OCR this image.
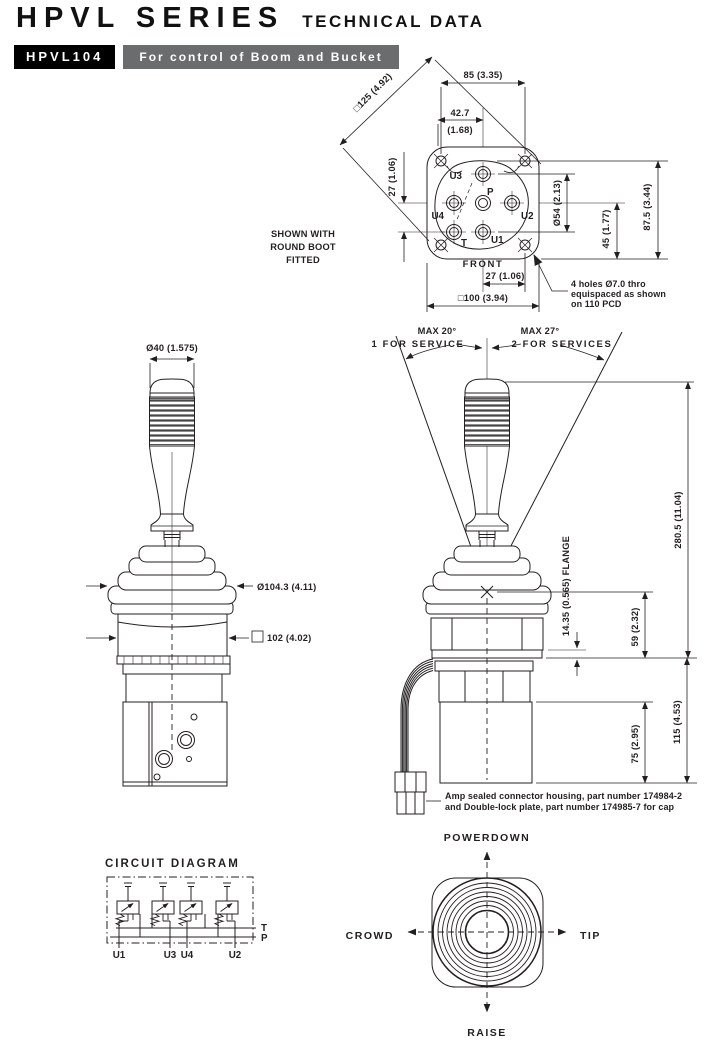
HPVL SERIES TECHNICAL DATA
HPVL104	For control of Boom and Bucket
U3
P
U4	U2
T U1
85 (3.35)
42.7
(1.68)
□125 (4.92)
27 (1.06)
27 (1.06)
□100 (3.94)
Ø54 (2.13)
45 (1.77)	87.5 (3.44)
FRONT
4 holes Ø7.0 thro
equispaced as shown
on 110 PCD
SHOWN WITH
ROUND BOOT
FITTED
Ø40 (1.575)
Ø104.3 (4.11)
102 (4.02)
Amp sealed connector housing, part number 174984-2
and Double-lock plate, part number 174985-7 for cap
MAX 20°
1 FOR SERVICE
MAX 27°
2 FOR SERVICES
280.5 (11.04)
115 (4.53)
75 (2.95)
59 (2.32)
14.35 (0.565) FLANGE
CIRCUIT DIAGRAM
U1	U3 U4	U2
T
P
POWERDOWN
CROWD	TIP
RAISE
